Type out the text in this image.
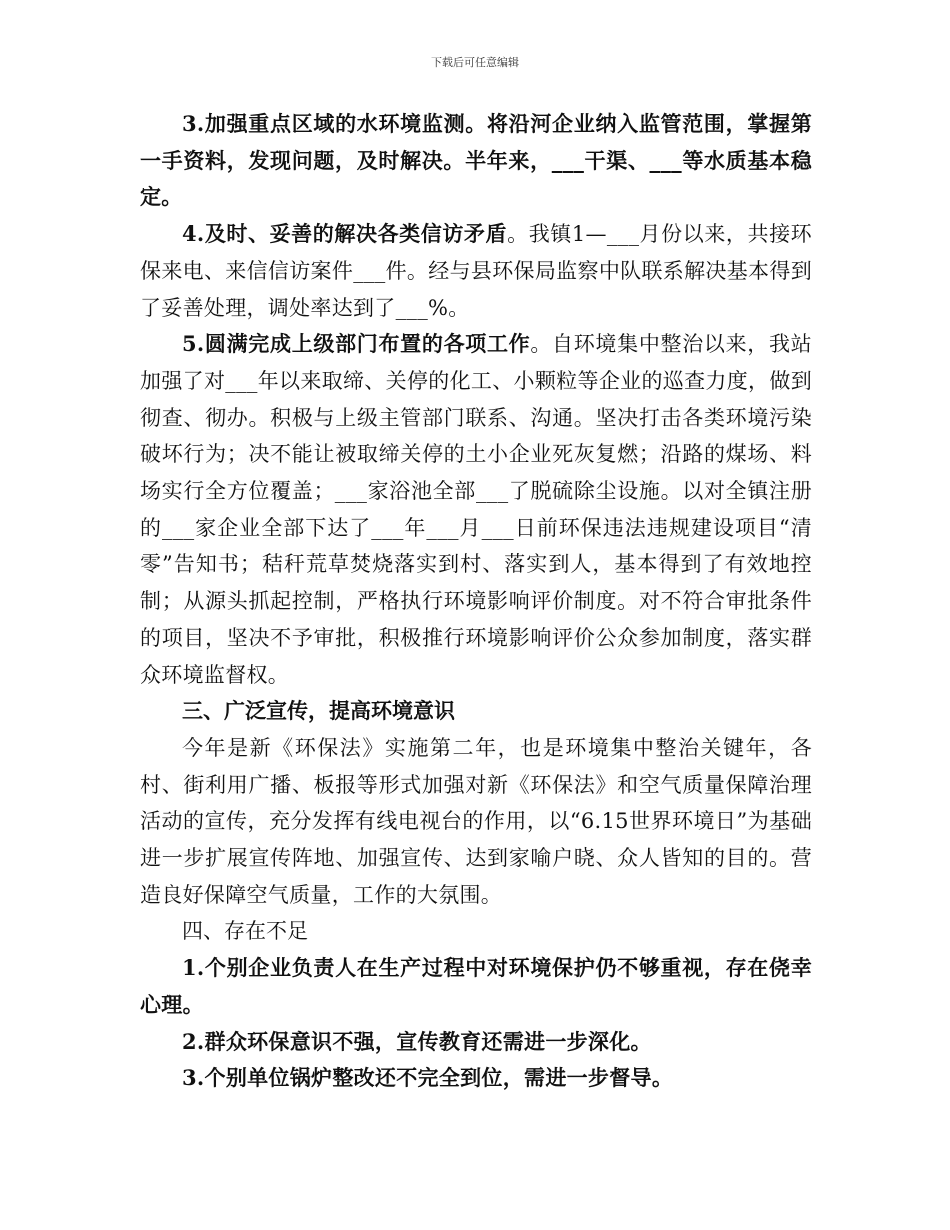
下载后可任意编辑

3.加强重点区域的水环境监测。将沿河企业纳入监管范围，掌握第一手资料，发现问题，及时解决。半年来，___干渠、___等水质基本稳定。

4.及时、妥善的解决各类信访矛盾。我镇1—___月份以来，共接环保来电、来信信访案件___件。经与县环保局监察中队联系解决基本得到了妥善处理，调处率达到了___%。

5.圆满完成上级部门布置的各项工作。自环境集中整治以来，我站加强了对___年以来取缔、关停的化工、小颗粒等企业的巡查力度，做到彻查、彻办。积极与上级主管部门联系、沟通。坚决打击各类环境污染破坏行为；决不能让被取缔关停的土小企业死灰复燃；沿路的煤场、料场实行全方位覆盖；___家浴池全部___了脱硫除尘设施。以对全镇注册的___家企业全部下达了___年___月___日前环保违法违规建设项目“清零”告知书；秸秆荒草焚烧落实到村、落实到人，基本得到了有效地控制；从源头抓起控制，严格执行环境影响评价制度。对不符合审批条件的项目，坚决不予审批，积极推行环境影响评价公众参加制度，落实群众环境监督权。

三、广泛宣传，提高环境意识

今年是新《环保法》实施第二年，也是环境集中整治关键年，各村、街利用广播、板报等形式加强对新《环保法》和空气质量保障治理活动的宣传，充分发挥有线电视台的作用，以“6.15世界环境日”为基础进一步扩展宣传阵地、加强宣传、达到家喻户晓、众人皆知的目的。营造良好保障空气质量，工作的大氛围。

四、存在不足

1.个别企业负责人在生产过程中对环境保护仍不够重视，存在侥幸心理。

2.群众环保意识不强，宣传教育还需进一步深化。

3.个别单位锅炉整改还不完全到位，需进一步督导。
